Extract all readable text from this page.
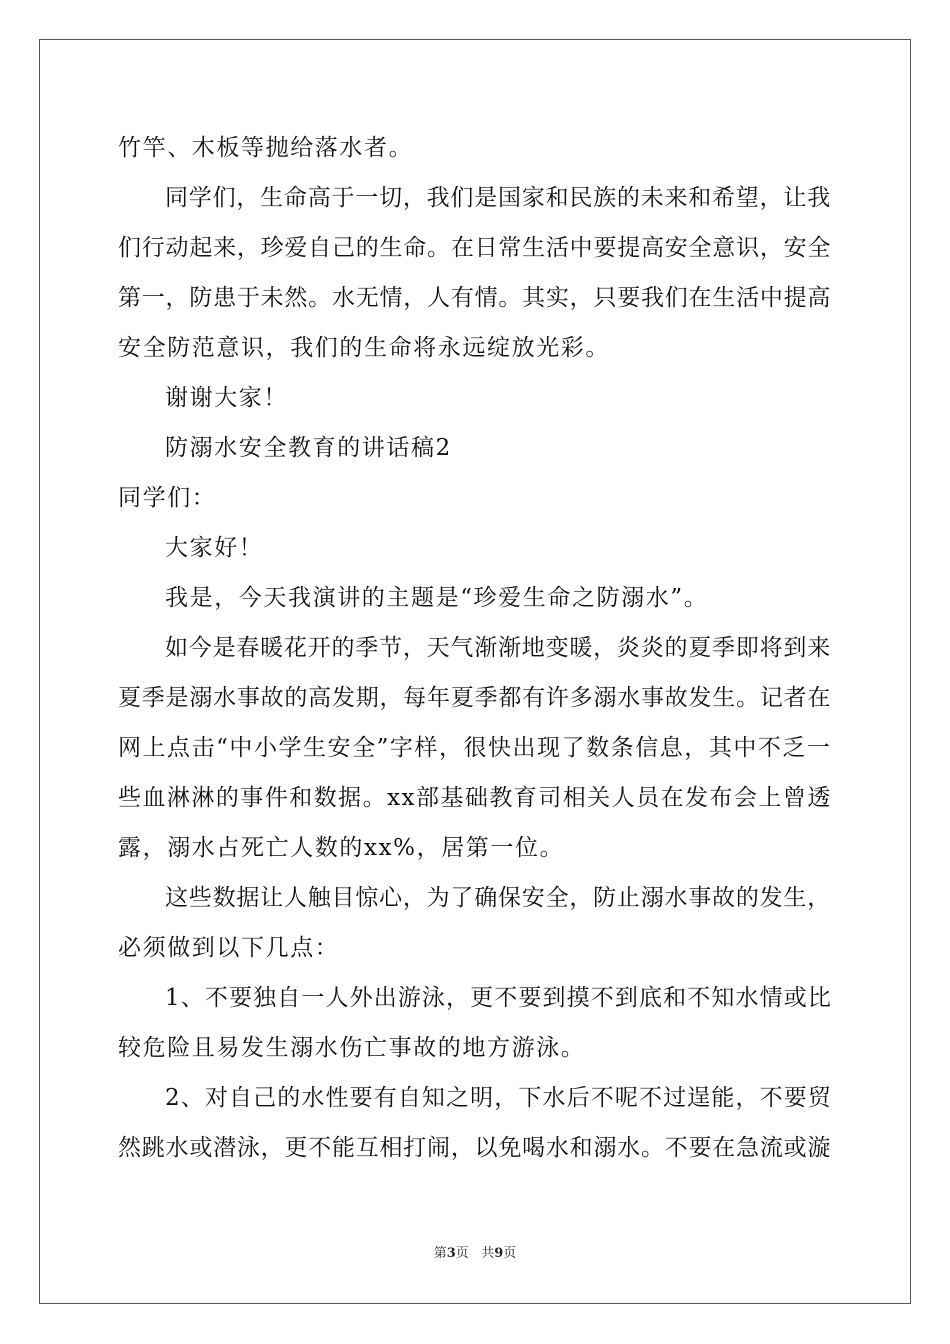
竹竿、木板等抛给落水者。
同学们，生命高于一切，我们是国家和民族的未来和希望，让我
们行动起来，珍爱自己的生命。在日常生活中要提高安全意识，安全
第一，防患于未然。水无情，人有情。其实，只要我们在生活中提高
安全防范意识，我们的生命将永远绽放光彩。
谢谢大家！
防溺水安全教育的讲话稿2
同学们：
大家好！
我是，今天我演讲的主题是“珍爱生命之防溺水”。
如今是春暖花开的季节，天气渐渐地变暖，炎炎的夏季即将到来
夏季是溺水事故的高发期，每年夏季都有许多溺水事故发生。记者在
网上点击“中小学生安全”字样，很快出现了数条信息，其中不乏一
些血淋淋的事件和数据。xx部基础教育司相关人员在发布会上曾透
露，溺水占死亡人数的xx%，居第一位。
这些数据让人触目惊心，为了确保安全，防止溺水事故的发生，
必须做到以下几点：
1、不要独自一人外出游泳，更不要到摸不到底和不知水情或比
较危险且易发生溺水伤亡事故的地方游泳。
2、对自己的水性要有自知之明，下水后不呢不过逞能，不要贸
然跳水或潜泳，更不能互相打闹，以免喝水和溺水。不要在急流或漩
第3页   共9页
